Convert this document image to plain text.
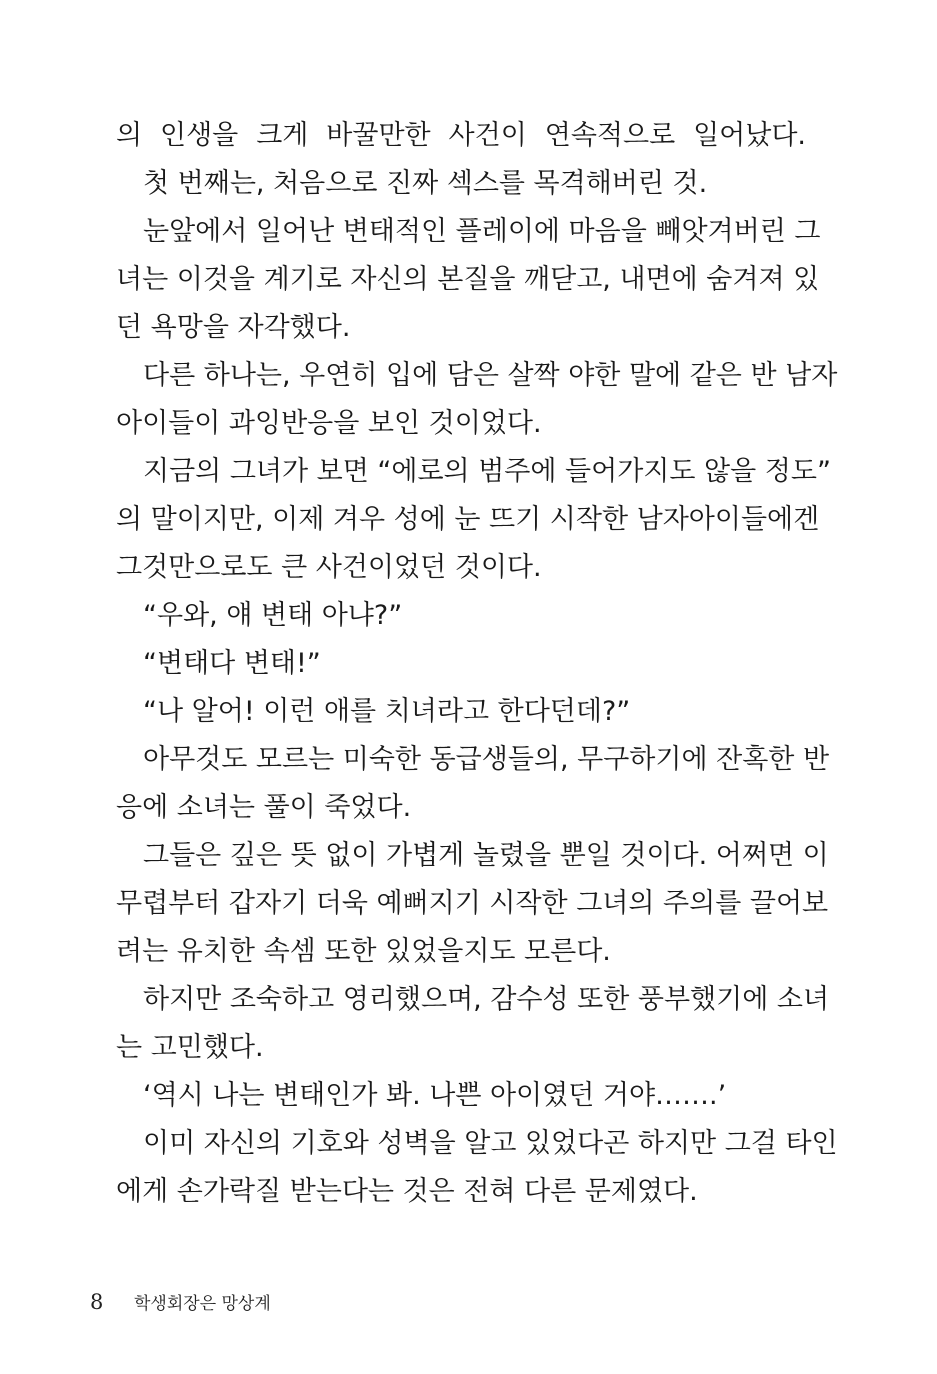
의 인생을 크게 바꿀만한 사건이 연속적으로 일어났다.
첫 번째는, 처음으로 진짜 섹스를 목격해버린 것.
눈앞에서 일어난 변태적인 플레이에 마음을 빼앗겨버린 그
녀는 이것을 계기로 자신의 본질을 깨닫고, 내면에 숨겨져 있
던 욕망을 자각했다.
다른 하나는, 우연히 입에 담은 살짝 야한 말에 같은 반 남자
아이들이 과잉반응을 보인 것이었다.
지금의 그녀가 보면 “에로의 범주에 들어가지도 않을 정도”
의 말이지만, 이제 겨우 성에 눈 뜨기 시작한 남자아이들에겐
그것만으로도 큰 사건이었던 것이다.
“우와, 얘 변태 아냐?”
“변태다 변태!”
“나 알어! 이런 애를 치녀라고 한다던데?”
아무것도 모르는 미숙한 동급생들의, 무구하기에 잔혹한 반
응에 소녀는 풀이 죽었다.
그들은 깊은 뜻 없이 가볍게 놀렸을 뿐일 것이다. 어쩌면 이
무렵부터 갑자기 더욱 예뻐지기 시작한 그녀의 주의를 끌어보
려는 유치한 속셈 또한 있었을지도 모른다.
하지만 조숙하고 영리했으며, 감수성 또한 풍부했기에 소녀
는 고민했다.
‘역시 나는 변태인가 봐. 나쁜 아이였던 거야…….’
이미 자신의 기호와 성벽을 알고 있었다곤 하지만 그걸 타인
에게 손가락질 받는다는 것은 전혀 다른 문제였다.
8 학생회장은 망상계
